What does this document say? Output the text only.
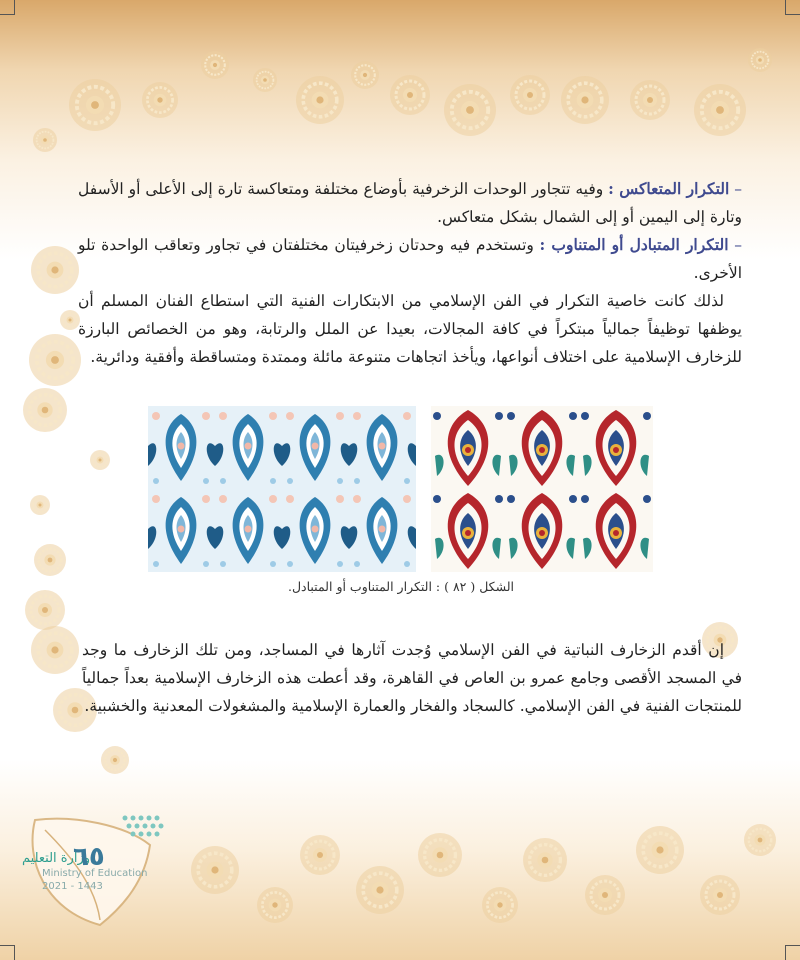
– التكرار المتعاكس : وفيه تتجاور الوحدات الزخرفية بأوضاع مختلفة ومتعاكسة تارة إلى الأعلى أو الأسفل وتارة إلى اليمين أو إلى الشمال بشكل متعاكس.

– التكرار المتبادل أو المتناوب : وتستخدم فيه وحدتان زخرفيتان مختلفتان في تجاور وتعاقب الواحدة تلو الأخرى.

لذلك كانت خاصية التكرار في الفن الإسلامي من الابتكارات الفنية التي استطاع الفنان المسلم أن يوظفها توظيفاً جمالياً مبتكراً في كافة المجالات، بعيدا عن الملل والرتابة، وهو من الخصائص البارزة للزخارف الإسلامية على اختلاف أنواعها، ويأخذ اتجاهات متنوعة مائلة وممتدة ومتساقطة وأفقية ودائرية.

الشكل ( ٨٢ ) : التكرار المتناوب أو المتبادل.

إن أقدم الزخارف النباتية في الفن الإسلامي وُجدت آثارها في المساجد، ومن تلك الزخارف ما وجد في المسجد الأقصى وجامع عمرو بن العاص في القاهرة، وقد أعطت هذه الزخارف الإسلامية بعداً جمالياً للمنتجات الفنية في الفن الإسلامي. كالسجاد والفخار والعمارة الإسلامية والمشغولات المعدنية والخشبية.

وزارة التعليم
Ministry of Education
2021 - 1443
٦٥
